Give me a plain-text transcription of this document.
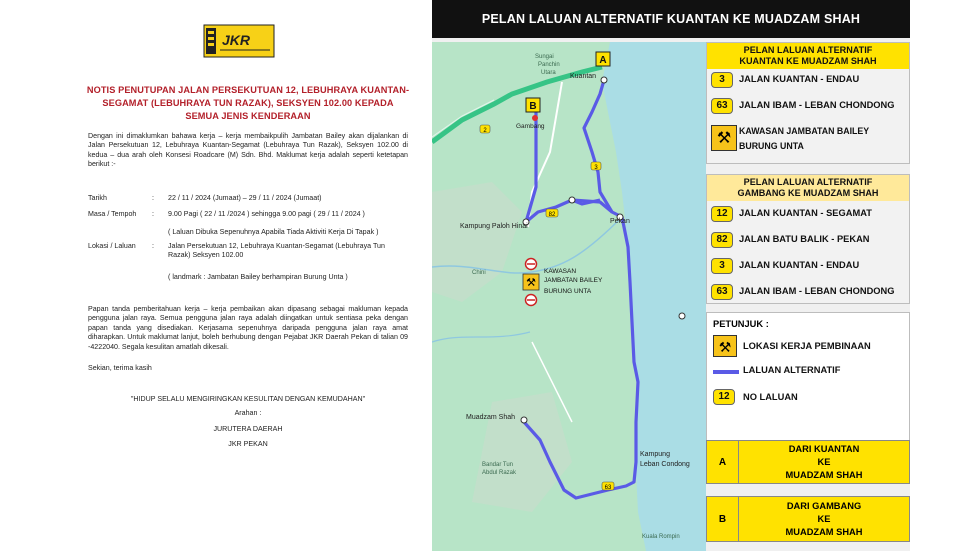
JKR
NOTIS PENUTUPAN JALAN PERSEKUTUAN 12, LEBUHRAYA KUANTAN-SEGAMAT (LEBUHRAYA TUN RAZAK), SEKSYEN 102.00 KEPADA SEMUA JENIS KENDERAAN
Dengan ini dimaklumkan bahawa kerja – kerja membaikpulih Jambatan Bailey akan dijalankan di Jalan Persekutuan 12, Lebuhraya Kuantan-Segamat (Lebuhraya Tun Razak), Seksyen 102.00 di kedua – dua arah oleh Konsesi Roadcare (M) Sdn. Bhd. Maklumat kerja adalah seperti ketetapan berikut :-
Tarikh	: 22 / 11 / 2024 (Jumaat) – 29 / 11 / 2024 (Jumaat)
Masa / Tempoh	: 9.00 Pagi ( 22 / 11 /2024 ) sehingga 9.00 pagi ( 29 / 11 / 2024 )
( Laluan Dibuka Sepenuhnya Apabila Tiada Aktiviti Kerja Di Tapak )
Lokasi / Laluan	: Jalan Persekutuan 12, Lebuhraya Kuantan-Segamat (Lebuhraya Tun Razak) Seksyen 102.00
( landmark : Jambatan Bailey berhampiran Burung Unta )
Papan tanda pemberitahuan kerja – kerja pembaikan akan dipasang sebagai makluman kepada pengguna jalan raya. Semua pengguna jalan raya adalah diingatkan untuk sentiasa peka dengan papan tanda yang disediakan. Kerjasama sepenuhnya daripada pengguna jalan raya amat diharapkan. Untuk maklumat lanjut, boleh berhubung dengan Pejabat JKR Daerah Pekan di talian 09 -4222040. Segala kesulitan amatlah dikesali.
Sekian, terima kasih
"HIDUP SELALU MENGIRINGKAN KESULITAN DENGAN KEMUDAHAN"
Arahan :
JURUTERA DAERAH
JKR PEKAN
PELAN LALUAN ALTERNATIF KUANTAN KE MUADZAM SHAH
A
B
2
3
82
63
⚒
KAWASAN
JAMBATAN BAILEY
BURUNG UNTA
Sungai
Panchin
Utara Kuantan
Gambang
Pekan
Kampung Paloh Hinai
Chini
Muadzam Shah
Bandar Tun
Abdul Razak
Kampung
Leban Condong
Kuala Rompin
PELAN LALUAN ALTERNATIF
KUANTAN KE MUADZAM SHAH
3	JALAN KUANTAN - ENDAU
63	JALAN IBAM - LEBAN CHONDONG
⚒ KAWASAN JAMBATAN BAILEY
BURUNG UNTA
PELAN LALUAN ALTERNATIF
GAMBANG KE MUADZAM SHAH
12	JALAN KUANTAN - SEGAMAT
82	JALAN BATU BALIK - PEKAN
3	JALAN KUANTAN - ENDAU
63	JALAN IBAM - LEBAN CHONDONG
PETUNJUK :
⚒	LOKASI KERJA PEMBINAAN
LALUAN ALTERNATIF
12	NO LALUAN
A
DARI KUANTAN
KE
MUADZAM SHAH
B
DARI GAMBANG
KE
MUADZAM SHAH
